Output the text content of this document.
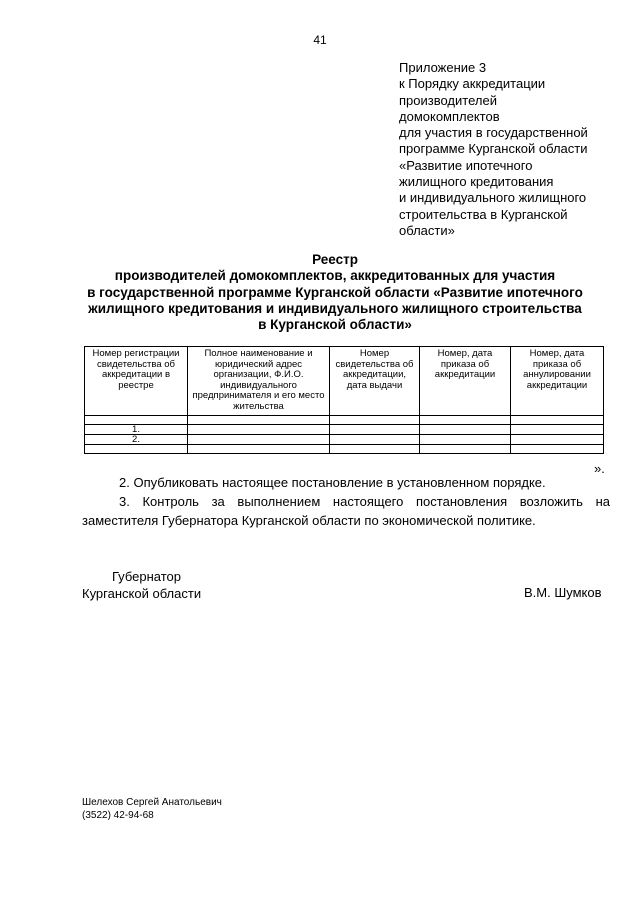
41
Приложение 3
к Порядку аккредитации
производителей
домокомплектов
для участия в государственной
программе Курганской области
«Развитие ипотечного
жилищного кредитования
и индивидуального жилищного
строительства в Курганской
области»
Реестр
производителей домокомплектов, аккредитованных для участия
в государственной программе Курганской области «Развитие ипотечного
жилищного кредитования и индивидуального жилищного строительства
в Курганской области»
Номер регистрации свидетельства об аккредитации в реестре	Полное наименование и юридический адрес организации, Ф.И.О. индивидуального предпринимателя и его место жительства	Номер свидетельства об аккредитации, дата выдачи	Номер, дата приказа об аккредитации	Номер, дата приказа об аннулировании аккредитации

1.				
2.				

».
2. Опубликовать настоящее постановление в установленном порядке.
3. Контроль за выполнением настоящего постановления возложить на заместителя Губернатора Курганской области по экономической политике.
Губернатор
Курганской области	В.М. Шумков
Шелехов Сергей Анатольевич
(3522) 42-94-68
